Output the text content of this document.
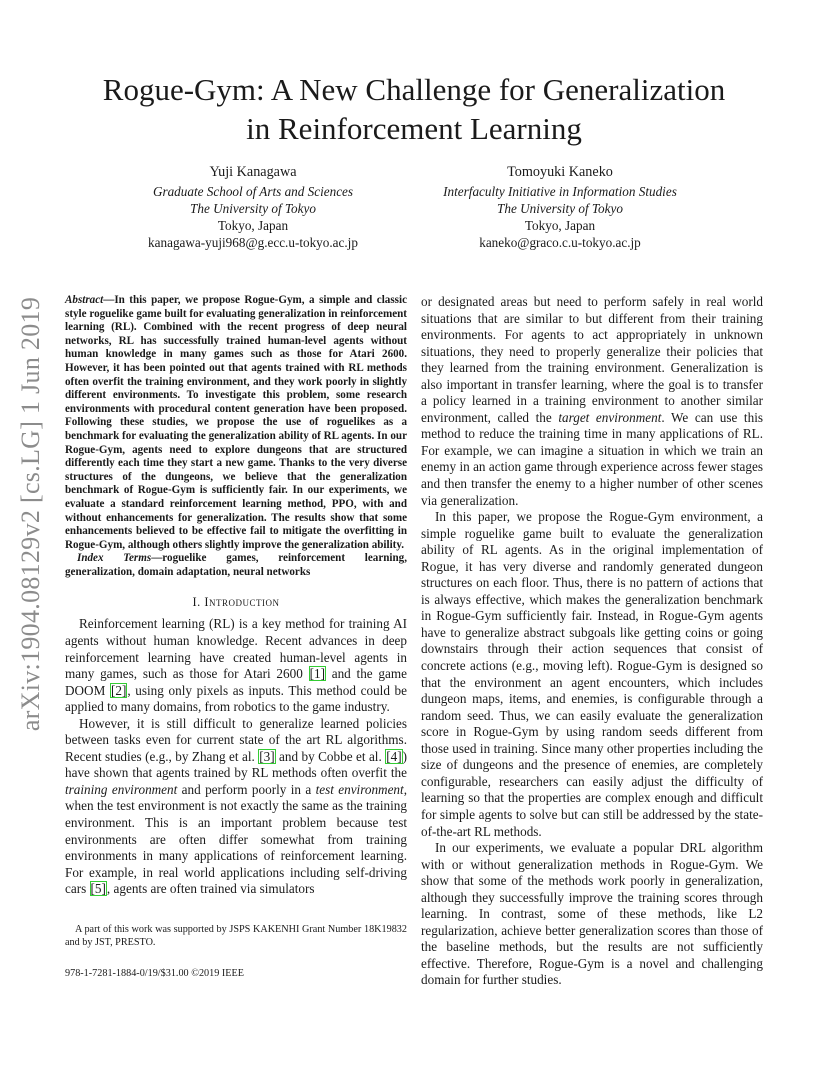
Rogue-Gym: A New Challenge for Generalization
in Reinforcement Learning
Yuji Kanagawa
Graduate School of Arts and Sciences
The University of Tokyo
Tokyo, Japan
kanagawa-yuji968@g.ecc.u-tokyo.ac.jp
Tomoyuki Kaneko
Interfaculty Initiative in Information Studies
The University of Tokyo
Tokyo, Japan
kaneko@graco.c.u-tokyo.ac.jp
arXiv:1904.08129v2 [cs.LG] 1 Jun 2019 Abstract—In this paper, we propose Rogue-Gym, a simple and classic style roguelike game built for evaluating generalization in reinforcement learning (RL). Combined with the recent progress of deep neural networks, RL has successfully trained human-level agents without human knowledge in many games such as those for Atari 2600. However, it has been pointed out that agents trained with RL methods often overfit the training environment, and they work poorly in slightly different environments. To investigate this problem, some research environments with procedural content generation have been proposed. Following these studies, we propose the use of roguelikes as a benchmark for evaluating the generalization ability of RL agents. In our Rogue-Gym, agents need to explore dungeons that are structured differently each time they start a new game. Thanks to the very diverse structures of the dungeons, we believe that the generalization benchmark of Rogue-Gym is sufficiently fair. In our experiments, we evaluate a standard reinforcement learning method, PPO, with and without enhancements for generalization. The results show that some enhancements believed to be effective fail to mitigate the overfitting in Rogue-Gym, although others slightly improve the generalization ability.

Index Terms—roguelike games, reinforcement learning, generalization, domain adaptation, neural networks

I. Introduction

Reinforcement learning (RL) is a key method for training AI agents without human knowledge. Recent advances in deep reinforcement learning have created human-level agents in many games, such as those for Atari 2600 [1] and the game DOOM [2], using only pixels as inputs. This method could be applied to many domains, from robotics to the game industry.

However, it is still difficult to generalize learned policies between tasks even for current state of the art RL algorithms. Recent studies (e.g., by Zhang et al. [3] and by Cobbe et al. [4]) have shown that agents trained by RL methods often overfit the training environment and perform poorly in a test environment, when the test environment is not exactly the same as the training environment. This is an important problem because test environments are often differ somewhat from training environments in many applications of reinforcement learning. For example, in real world applications including self-driving cars [5], agents are often trained via simulators

A part of this work was supported by JSPS KAKENHI Grant Number 18K19832 and by JST, PRESTO.
978-1-7281-1884-0/19/$31.00 ©2019 IEEE

or designated areas but need to perform safely in real world situations that are similar to but different from their training environments. For agents to act appropriately in unknown situations, they need to properly generalize their policies that they learned from the training environment. Generalization is also important in transfer learning, where the goal is to transfer a policy learned in a training environment to another similar environment, called the target environment. We can use this method to reduce the training time in many applications of RL. For example, we can imagine a situation in which we train an enemy in an action game through experience across fewer stages and then transfer the enemy to a higher number of other scenes via generalization.

In this paper, we propose the Rogue-Gym environment, a simple roguelike game built to evaluate the generalization ability of RL agents. As in the original implementation of Rogue, it has very diverse and randomly generated dungeon structures on each floor. Thus, there is no pattern of actions that is always effective, which makes the generalization benchmark in Rogue-Gym sufficiently fair. Instead, in Rogue-Gym agents have to generalize abstract subgoals like getting coins or going downstairs through their action sequences that consist of concrete actions (e.g., moving left). Rogue-Gym is designed so that the environment an agent encounters, which includes dungeon maps, items, and enemies, is configurable through a random seed. Thus, we can easily evaluate the generalization score in Rogue-Gym by using random seeds different from those used in training. Since many other properties including the size of dungeons and the presence of enemies, are completely configurable, researchers can easily adjust the difficulty of learning so that the properties are complex enough and difficult for simple agents to solve but can still be addressed by the state-of-the-art RL methods.

In our experiments, we evaluate a popular DRL algorithm with or without generalization methods in Rogue-Gym. We show that some of the methods work poorly in generalization, although they successfully improve the training scores through learning. In contrast, some of these methods, like L2 regularization, achieve better generalization scores than those of the baseline methods, but the results are not sufficiently effective. Therefore, Rogue-Gym is a novel and challenging domain for further studies.
